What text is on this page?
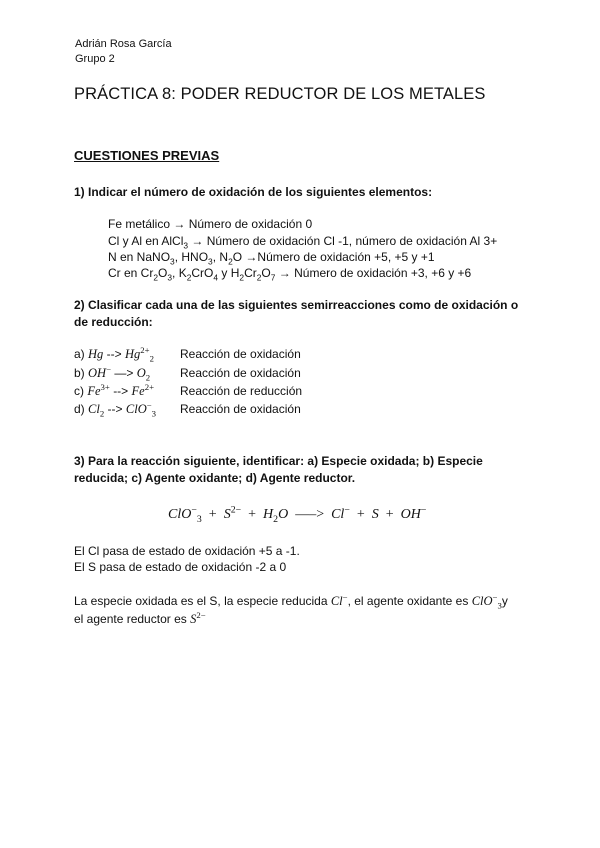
Adrián Rosa García
Grupo 2
PRÁCTICA 8: PODER REDUCTOR DE LOS METALES
CUESTIONES PREVIAS
1) Indicar el número de oxidación de los siguientes elementos:
Fe metálico → Número de oxidación 0
Cl y Al en AlCl$_3$ → Número de oxidación Cl -1, número de oxidación Al 3+
N en NaNO$_3$, $HNO_3$, $N_2O$ →Número de oxidación +5, +5 y +1
Cr en $Cr_2O_3$, $K_2CrO_4$ y $H_2Cr_2O_7$ → Número de oxidación +3, +6 y +6
2) Clasificar cada una de las siguientes semirreacciones como de oxidación o
de reducción:
a) Hg --> $Hg^{2+}_2$ Reacción de oxidación
b) OH− —> $O_2$ Reacción de oxidación
c) $Fe^{3+}$ --> $Fe^{2+}$ Reacción de reducción
d) $Cl_2$ --> ClO−$_3$ Reacción de oxidación
3) Para la reacción siguiente, identificar: a) Especie oxidada; b) Especie
reducida; c) Agente oxidante; d) Agente reductor.
$ClO^-_3 + S^{2-} + H_2O$ —–> Cl− + S + OH−
El Cl pasa de estado de oxidación +5 a -1.
El S pasa de estado de oxidación -2 a 0
La especie oxidada es el S, la especie reducida Cl−, el agente oxidante es ClO−$_3$y
el agente reductor es $S^{2-}$
